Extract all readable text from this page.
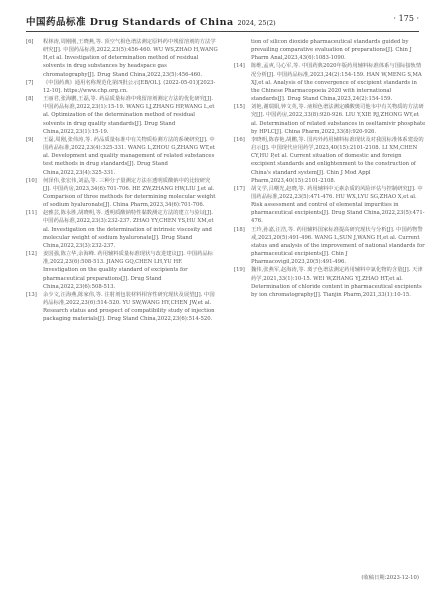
中国药品标准 Drug Standards of China 2024, 25(2)	· 175 ·
[6] 程林涛,周刚刚,王晓燕,等. 顶空气相色谱法测定原料药中残留溶剂的方法学研究[J]. 中国药品标准,2022,23(5):456-460. WU WS,ZHAO H,WANG H,et al. Investigation of determination method of residual solvents in drug substances by headspace gas chromatography[J]. Drug Stand China,2022,23(5):456-460.
[7] 《中国药典》通用名称规范化第四批公示[EB/OL]. (2022-05-01)[2023-12-10]. https://www.chp.org.cn.
[8] 王丽君,张海鹏,王磊,等. 药品质量标准中残留溶剂测定方法的优化研究[J]. 中国药品标准,2022,23(1):15-19. WANG LJ,ZHANG HP,WANG L,et al. Optimization of the determination method of residual solvents in drug quality standards[J]. Drug Stand China,2022,23(1):15-19.
[9] 王磊,周刚,张伟涛,等. 药品质量标准中有关物质检测方法的系统研究[J]. 中国药品标准,2022,23(4):325-331. WANG L,ZHOU G,ZHANG WT,et al. Development and quality management of related substances test methods in drug standards[J]. Drug Stand China,2022,23(4):325-331.
[10] 何泽伟,张宏伟,刘晶,等. 三种分子量测定方法在透明质酸钠中的比较研究[J]. 中国药房,2023,34(6):701-706. HE ZW,ZHANG HW,LIU J,et al. Comparison of three methods for determining molecular weight of sodium hyaluronate[J]. China Pharm,2023,34(6):701-706.
[11] 赵雅芸,陈永胜,胡晓明,等. 透明质酸钠特性黏数测定方法的建立与验证[J]. 中国药品标准,2022,23(3):232-237. ZHAO YY,CHEN YS,HU XM,et al. Investigation on the determination of intrinsic viscosity and molecular weight of sodium hyaluronate[J]. Drug Stand China,2022,23(3):232-237.
[12] 姜国强,陈立华,余海峰. 药用辅料质量标准现状与改进建议[J]. 中国药品标准,2022,23(6):508-513. JIANG GQ,CHEN LH,YU HF. Investigation on the quality standard of excipients for pharmaceutical preparations[J]. Drug Stand China,2022,23(6):508-513.
[13] 余少文,汪海燕,陈家伟,等. 注射剂包装材料相容性研究现状及展望[J]. 中国药品标准,2022,23(6):514-520. YU SW,WANG HY,CHEN JW,et al. Research status and prospect of compatibility study of injection packaging materials[J]. Drug Stand China,2022,23(6):514-520.
tion of silicon dioxide pharmaceutical standards guided by prevailing comparative evaluation of preparations[J]. Chin J Pharm Anal,2023,43(6):1083-1090.
[14] 陈维,孟爽,马心军,等. 中国药典2020年版药用辅料标准体系与国际接轨情况分析[J]. 中国药品标准,2023,24(2):154-159. HAN W,MENG S,MA XJ,et al. Analysis of the convergence of excipient standards in the Chinese Pharmacopoeia 2020 with international standards[J]. Drug Stand China,2023,24(2):154-159.
[15] 刘艳,谢瑞娟,钟文英,等. 液相色谱法测定磷酸奥司他韦中有关物质的方法研究[J]. 中国药房,2022,33(8):920-926. LIU Y,XIE RJ,ZHONG WY,et al. Determination of related substances in oseltamivir phosphate by HPLC[J]. China Pharm,2022,33(8):920-926.
[16] 李晓明,陈春艳,胡鹏,等. 国内外药用辅料标准现状及对我国标准体系建设的启示[J]. 中国现代应用药学,2023,40(15):2101-2108. LI XM,CHEN CY,HU P,et al. Current situation of domestic and foreign excipient standards and enlightenment to the construction of China's standard system[J]. Chin J Mod Appl Pharm,2023,40(15):2101-2108.
[17] 胡文学,吕曙光,赵晓,等. 药用辅料中元素杂质的风险评估与控制研究[J]. 中国药品标准,2022,23(5):471-476. HU WX,LYU SG,ZHAO X,et al. Risk assessment and control of elemental impurities in pharmaceutical excipients[J]. Drug Stand China,2022,23(5):471-476.
[18] 王玲,孙嘉,汪浩,等. 药用辅料国家标准提高研究现状与分析[J]. 中国药物警戒,2023,20(5):491-496. WANG L,SUN J,WANG H,et al. Current status and analysis of the improvement of national standards for pharmaceutical excipients[J]. Chin J Pharmacovigil,2023,20(5):491-496.
[19] 魏伟,张燕军,赵海涛,等. 离子色谱法测定药用辅料中氯化物的含量[J]. 天津药学,2021,33(1):10-15. WEI W,ZHANG YJ,ZHAO HT,et al. Determination of chloride content in pharmaceutical excipients by ion chromatography[J]. Tianjin Pharm,2021,33(1):10-15.
(收稿日期:2023-12-10)
